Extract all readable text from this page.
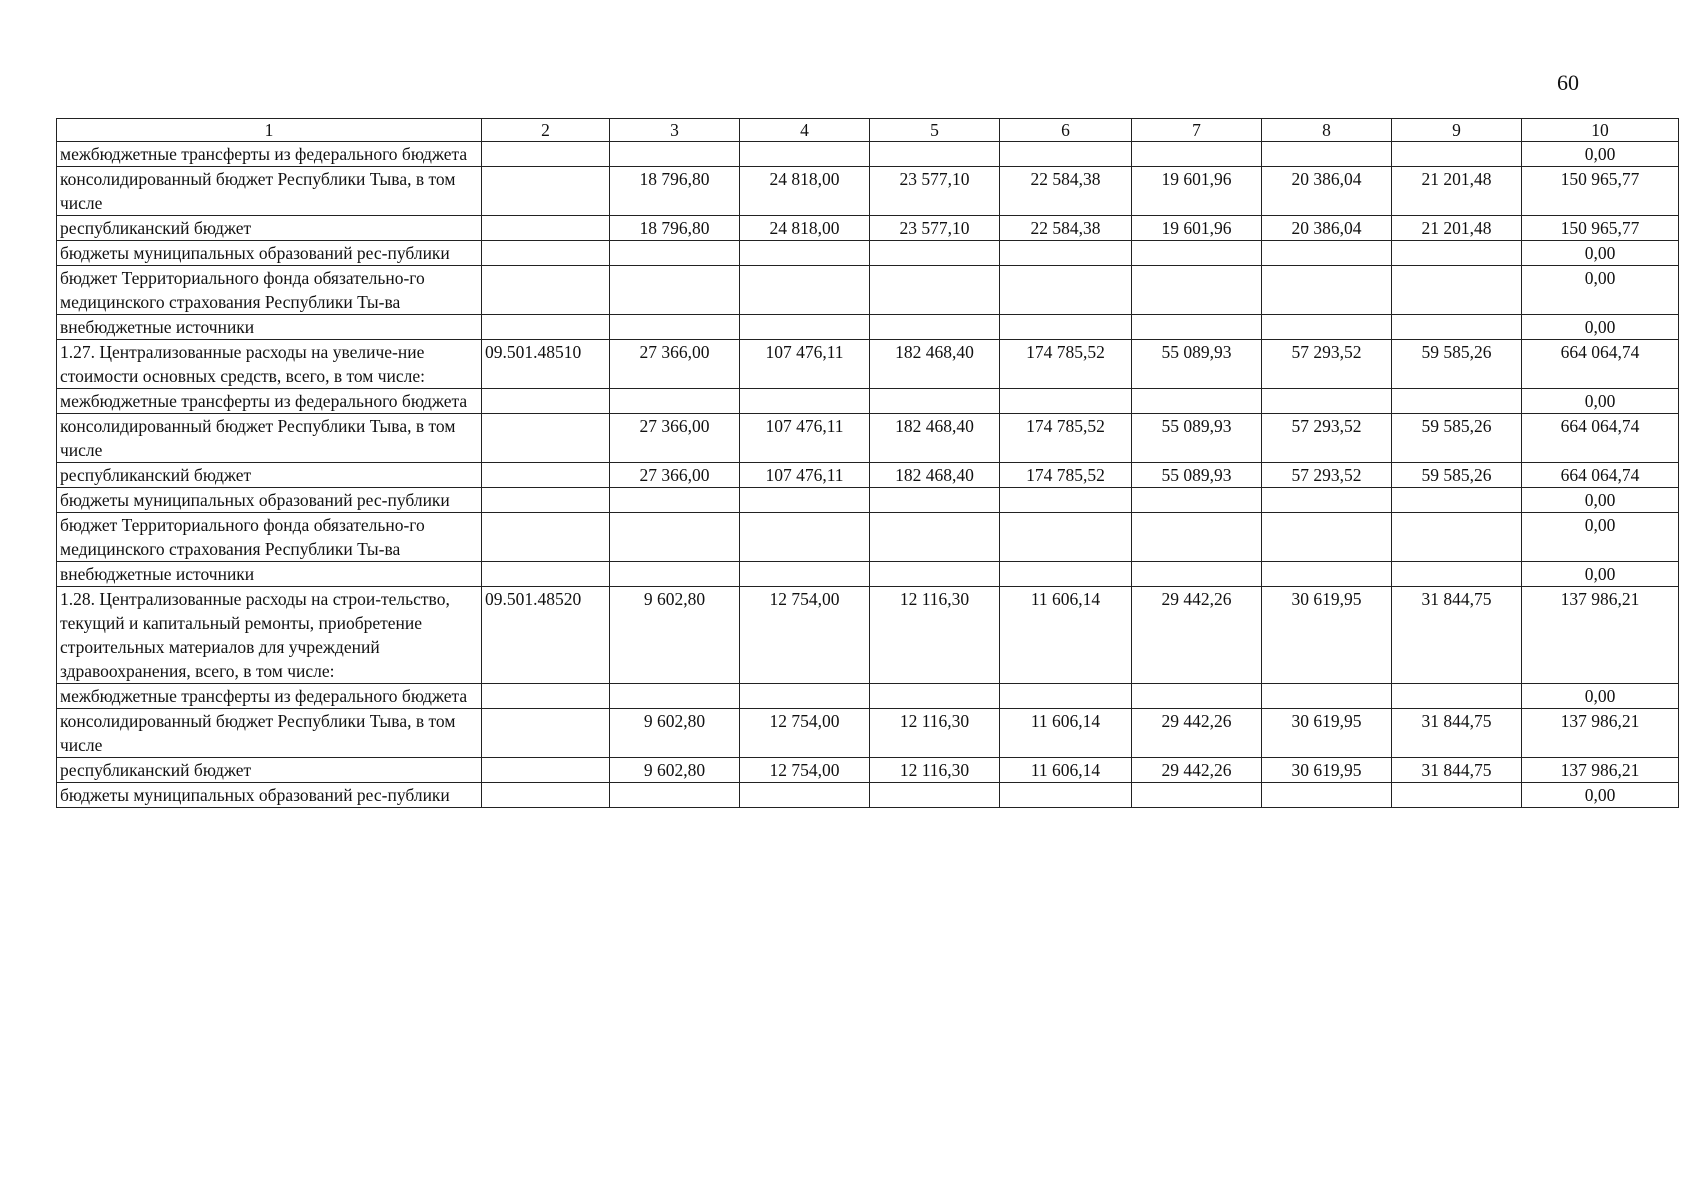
60
1	2	3	4	5	6	7	8	9	10
межбюджетные трансферты из федерального бюджета									0,00
консолидированный бюджет Республики Тыва, в том числе		18 796,80	24 818,00	23 577,10	22 584,38	19 601,96	20 386,04	21 201,48	150 965,77
республиканский бюджет		18 796,80	24 818,00	23 577,10	22 584,38	19 601,96	20 386,04	21 201,48	150 965,77
бюджеты муниципальных образований рес-публики									0,00
бюджет Территориального фонда обязательно-го медицинского страхования Республики Ты-ва									0,00
внебюджетные источники									0,00
1.27. Централизованные расходы на увеличе-ние стоимости основных средств, всего, в том числе:	09.501.48510	27 366,00	107 476,11	182 468,40	174 785,52	55 089,93	57 293,52	59 585,26	664 064,74
межбюджетные трансферты из федерального бюджета									0,00
консолидированный бюджет Республики Тыва, в том числе		27 366,00	107 476,11	182 468,40	174 785,52	55 089,93	57 293,52	59 585,26	664 064,74
республиканский бюджет		27 366,00	107 476,11	182 468,40	174 785,52	55 089,93	57 293,52	59 585,26	664 064,74
бюджеты муниципальных образований рес-публики									0,00
бюджет Территориального фонда обязательно-го медицинского страхования Республики Ты-ва									0,00
внебюджетные источники									0,00
1.28. Централизованные расходы на строи-тельство, текущий и капитальный ремонты, приобретение строительных материалов для учреждений здравоохранения, всего, в том числе:	09.501.48520	9 602,80	12 754,00	12 116,30	11 606,14	29 442,26	30 619,95	31 844,75	137 986,21
межбюджетные трансферты из федерального бюджета									0,00
консолидированный бюджет Республики Тыва, в том числе		9 602,80	12 754,00	12 116,30	11 606,14	29 442,26	30 619,95	31 844,75	137 986,21
республиканский бюджет		9 602,80	12 754,00	12 116,30	11 606,14	29 442,26	30 619,95	31 844,75	137 986,21
бюджеты муниципальных образований рес-публики									0,00
